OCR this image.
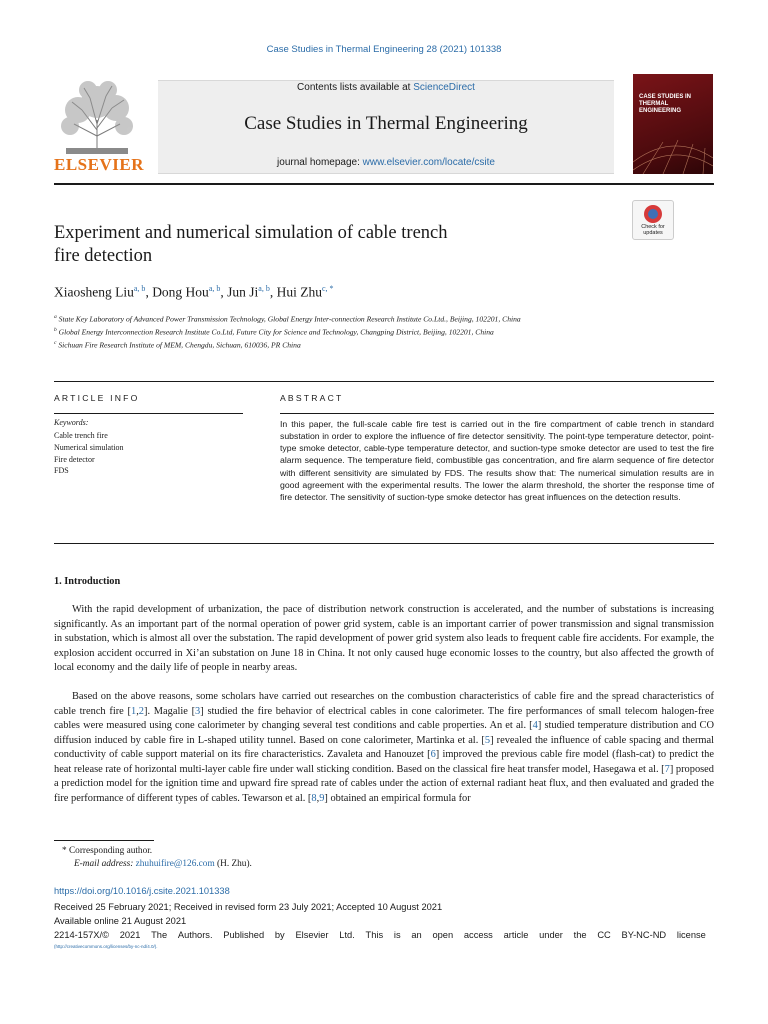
Case Studies in Thermal Engineering 28 (2021) 101338
ELSEVIER
Contents lists available at ScienceDirect
Case Studies in Thermal Engineering
journal homepage: www.elsevier.com/locate/csite
CASE STUDIES IN THERMAL ENGINEERING
Check for updates
Experiment and numerical simulation of cable trench
fire detection
Xiaosheng Liu$^{a, b}$, Dong Hou$^{a, b}$, Jun Ji$^{a, b}$, Hui Zhu$^{c, *}$
$^a$ State Key Laboratory of Advanced Power Transmission Technology, Global Energy Inter-connection Research Institute Co.Ltd., Beijing, 102201, China
$^b$ Global Energy Interconnection Research Institute Co.Ltd, Future City for Science and Technology, Changping District, Beijing, 102201, China
$^c$ Sichuan Fire Research Institute of MEM, Chengdu, Sichuan, 610036, PR China
ARTICLE INFO	ABSTRACT
Keywords:
Cable trench fire
Numerical simulation
Fire detector
FDS
In this paper, the full-scale cable fire test is carried out in the fire compartment of cable trench in standard substation in order to explore the influence of fire detector sensitivity. The point-type temperature detector, point-type smoke detector, cable-type temperature detector, and suction-type smoke detector are used to test the fire alarm sequence. The temperature field, combustible gas concentration, and fire alarm sequence of fire detector with different sensitivity are simulated by FDS. The results show that: The numerical simulation results are in good agreement with the experimental results. The lower the alarm threshold, the shorter the response time of fire detector. The sensitivity of suction-type smoke detector has great influences on the detection results.
1. Introduction
With the rapid development of urbanization, the pace of distribution network construction is accelerated, and the number of substations is increasing significantly. As an important part of the normal operation of power grid system, cable is an important carrier of power transmission and signal transmission in substation, which is almost all over the substation. The rapid development of power grid system also leads to frequent cable fire accidents. For example, the explosion accident occurred in Xi’an substation on June 18 in China. It not only caused huge economic losses to the country, but also affected the growth of local economy and the daily life of people in nearby areas.
Based on the above reasons, some scholars have carried out researches on the combustion characteristics of cable fire and the spread characteristics of cable trench fire [1,2]. Magalie [3] studied the fire behavior of electrical cables in cone calorimeter. The fire performances of small telecom halogen-free cables were measured using cone calorimeter by changing several test conditions and cable properties. An et al. [4] studied temperature distribution and CO diffusion induced by cable fire in L-shaped utility tunnel. Based on cone calorimeter, Martinka et al. [5] revealed the influence of cable spacing and thermal conductivity of cable support material on its fire characteristics. Zavaleta and Hanouzet [6] improved the previous cable fire model (flash-cat) to predict the heat release rate of horizontal multi-layer cable fire under wall sticking condition. Based on the classical fire heat transfer model, Hasegawa et al. [7] proposed a prediction model for the ignition time and upward fire spread rate of cables under the action of external radiant heat flux, and then evaluated and graded the fire performance of different types of cables. Tewarson et al. [8,9] obtained an empirical formula for
* Corresponding author.
E-mail address: zhuhuifire@126.com (H. Zhu).
https://doi.org/10.1016/j.csite.2021.101338
Received 25 February 2021; Received in revised form 23 July 2021; Accepted 10 August 2021
Available online 21 August 2021
2214-157X/© 2021 The Authors. Published by Elsevier Ltd. This is an open access article under the CC BY-NC-ND license
(http://creativecommons.org/licenses/by-nc-nd/4.0/).
